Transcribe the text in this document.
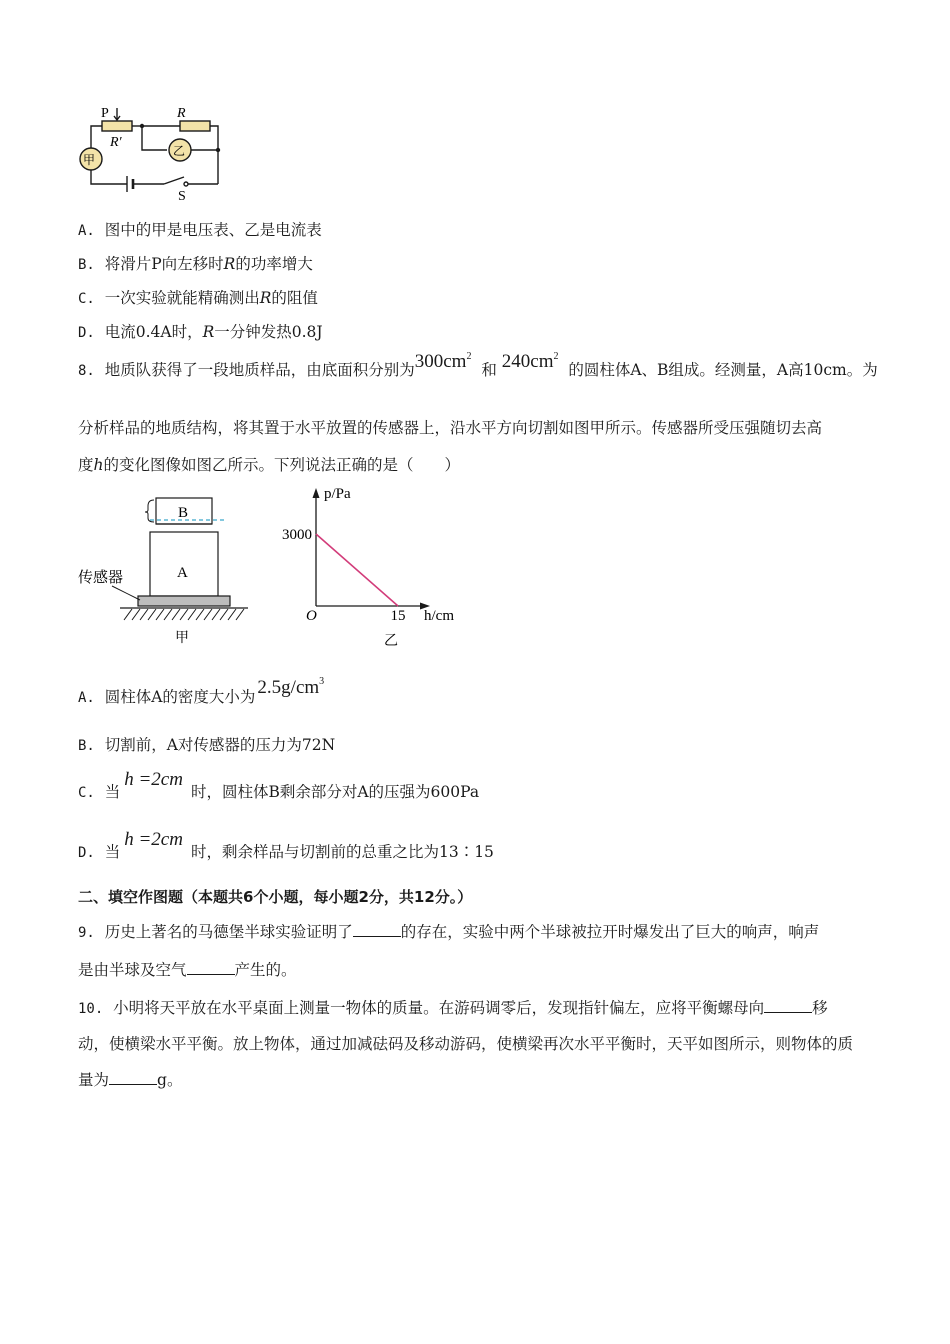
P
R′
R
S
甲
乙
A. 图中的甲是电压表、乙是电流表
B. 将滑片P向左移时R的功率增大
C. 一次实验就能精确测出R的阻值
D. 电流0.4A时，R一分钟发热0.8J
8. 地质队获得了一段地质样品，由底面积分别为$300cm^2$  和 $240cm^2$  的圆柱体A、B组成。经测量，A高10cm。为
分析样品的地质结构，将其置于水平放置的传感器上，沿水平方向切割如图甲所示。传感器所受压强随切去高
度h的变化图像如图乙所示。下列说法正确的是（　　）
B
A
传感器
甲
3000
15
O
p/Pa
h/cm
乙
A. 圆柱体A的密度大小为 $2.5g/cm^3$
B. 切割前，A对传感器的压力为72N
C. 当h =2cm时，圆柱体B剩余部分对A的压强为600Pa
D. 当h =2cm时，剩余样品与切割前的总重之比为13∶15
二、填空作图题（本题共6个小题，每小题2分，共12分。）
9. 历史上著名的马德堡半球实验证明了	的存在，实验中两个半球被拉开时爆发出了巨大的响声，响声
是由半球及空气	产生的。
10. 小明将天平放在水平桌面上测量一物体的质量。在游码调零后，发现指针偏左，应将平衡螺母向	移
动，使横梁水平平衡。放上物体，通过加减砝码及移动游码，使横梁再次水平平衡时，天平如图所示，则物体的质
量为	g。
